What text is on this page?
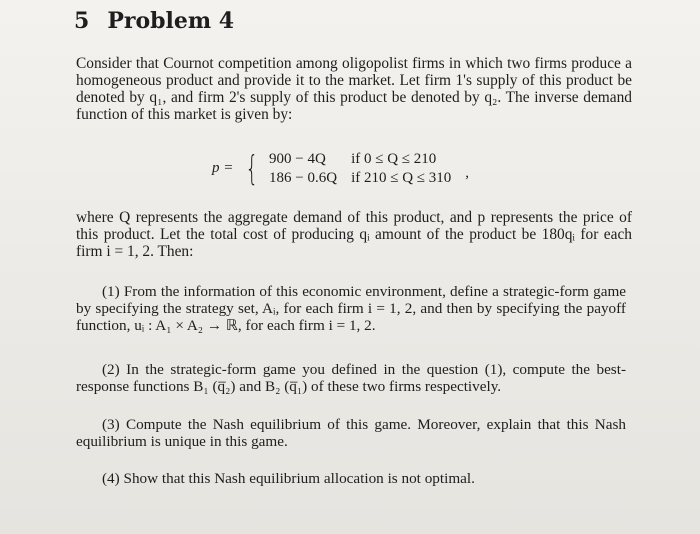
5 Problem 4
Consider that Cournot competition among oligopolist firms in which two firms produce a homogeneous product and provide it to the market. Let firm 1's supply of this product be denoted by q₁, and firm 2's supply of this product be denoted by q₂. The inverse demand function of this market is given by:
p = { 900 − 4Q	if 0 ≤ Q ≤ 210
186 − 0.6Q if 210 ≤ Q ≤ 310 ,
where Q represents the aggregate demand of this product, and p represents the price of this product. Let the total cost of producing qᵢ amount of the product be 180qᵢ for each firm i = 1, 2. Then:
(1) From the information of this economic environment, define a strategic-form game by specifying the strategy set, Aᵢ, for each firm i = 1, 2, and then by specifying the payoff function, uᵢ : A₁ × A₂ → ℝ, for each firm i = 1, 2.
(2) In the strategic-form game you defined in the question (1), compute the best-response functions B₁ (q̅₂) and B₂ (q̅₁) of these two firms respectively.
(3) Compute the Nash equilibrium of this game. Moreover, explain that this Nash equilibrium is unique in this game.
(4) Show that this Nash equilibrium allocation is not optimal.
